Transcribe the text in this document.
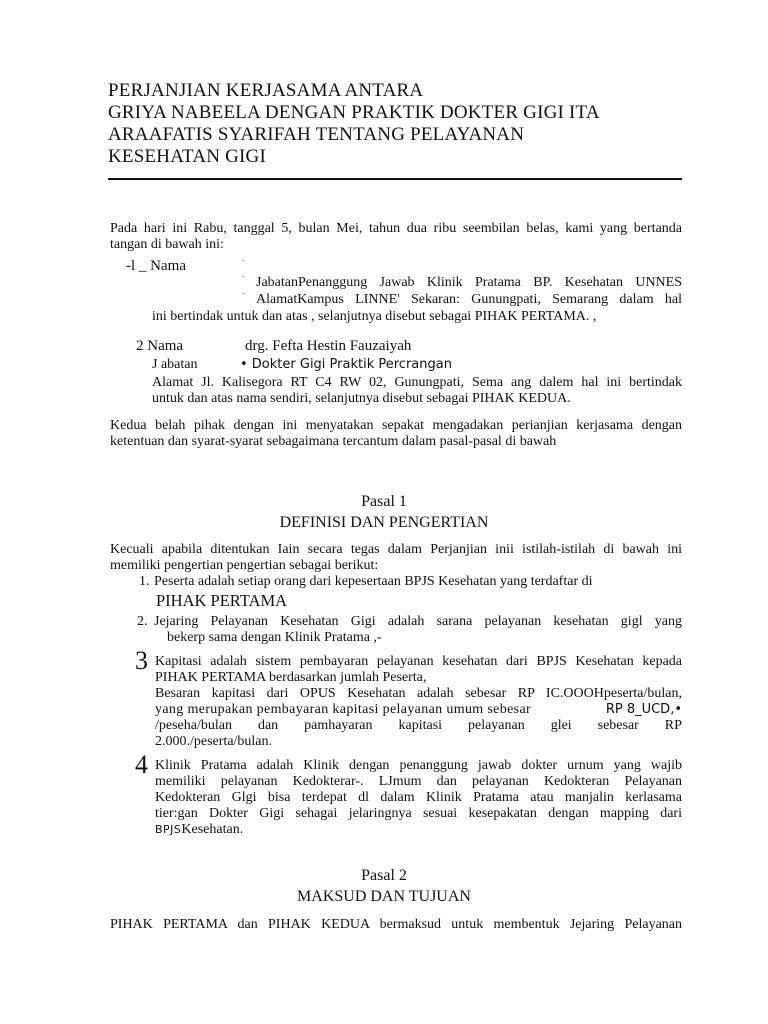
PERJANJIAN KERJASAMA ANTARA
GRIYA NABEELA DENGAN PRAKTIK DOKTER GIGI ITA
ARAAFATIS SYARIFAH TENTANG PELAYANAN
KESEHATAN GIGI
Pada hari ini Rabu, tanggal 5, bulan Mei, tahun dua ribu seembilan belas, kami yang bertanda
tangan di bawah ini:
-l _ Nama	-
-
-
JabatanPenanggung Jawab Klinik Pratama BP. Kesehatan UNNES
AlamatKampus LINNE' Sekaran: Gunungpati, Semarang dalam hal
ini bertindak untuk dan atas , selanjutnya disebut sebagai PIHAK PERTAMA. ,
2 Nama	drg. Fefta Hestin Fauzaiyah
J abatan	• Dokter Gigi Praktik Percrangan
Alamat Jl. Kalisegora RT C4 RW 02, Gunungpati, Sema ang dalem hal ini bertindak
untuk dan atas nama sendiri, selanjutnya disebut sebagai PIHAK KEDUA.
Kedua belah pihak dengan ini menyatakan sepakat mengadakan perianjian kerjasama dengan
ketentuan dan syarat-syarat sebagaimana tercantum dalam pasal-pasal di bawah
Pasal 1
DEFINISI DAN PENGERTIAN
Kecuali apabila ditentukan Iain secara tegas dalam Perjanjian inii istilah-istilah di bawah ini
memiliki pengertian pengertian sebagai berikut:
1. Peserta adalah setiap orang dari kepesertaan BPJS Kesehatan yang terdaftar di
PIHAK PERTAMA
2. Jejaring Pelayanan Kesehatan Gigi adalah sarana pelayanan kesehatan gigl yang
bekerp sama dengan Klinik Pratama ,-
3 Kapitasi adalah sistem pembayaran pelayanan kesehatan dari BPJS Kesehatan kepada
PIHAK PERTAMA berdasarkan jumlah Peserta,
Besaran kapitasi dari OPUS Kesehatan adalah sebesar RP IC.OOOHpeserta/bulan,
yang merupakan pembayaran kapitasi pelayanan umum sebesar	RP 8_UCD,•
/peseha/bulan dan pamhayaran kapitasi pelayanan glei sebesar RP
2.000./peserta/bulan.
4 Klinik Pratama adalah Klinik dengan penanggung jawab dokter urnum yang wajib
memiliki pelayanan Kedokterar-. LJmum dan pelayanan Kedokteran Pelayanan
Kedokteran Glgi bisa terdepat dl dalam Klinik Pratama atau manjalin kerlasama
tier:gan Dokter Gigi sehagai jelaringnya sesuai kesepakatan dengan mapping dari
BPJSKesehatan.
Pasal 2
MAKSUD DAN TUJUAN
PIHAK PERTAMA dan PIHAK KEDUA bermaksud untuk membentuk Jejaring Pelayanan
